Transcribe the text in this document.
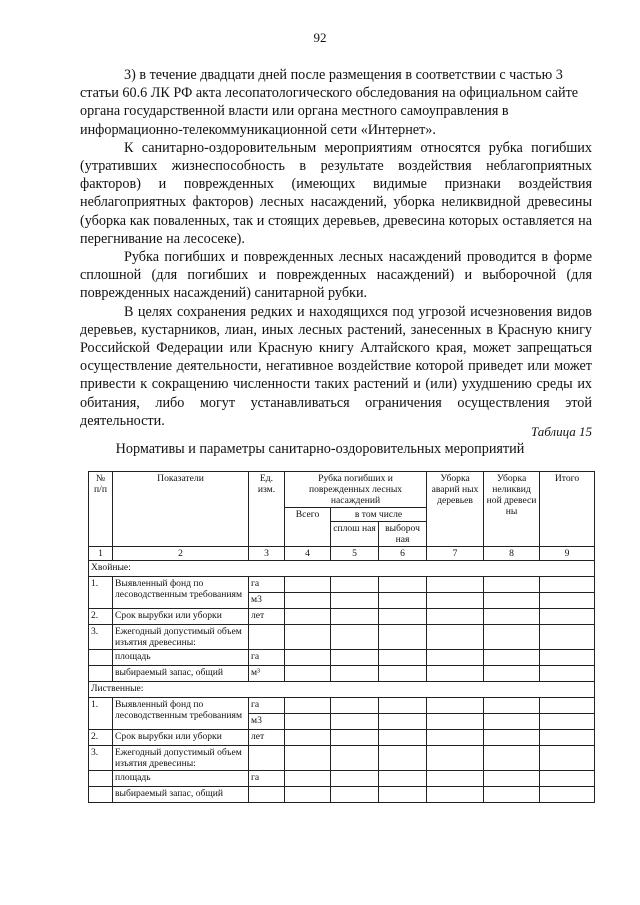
92

3) в течение двадцати дней после размещения в соответствии с частью 3 статьи 60.6 ЛК РФ акта лесопатологического обследования на официальном сайте органа государственной власти или органа местного самоуправления в информационно-телекоммуникационной сети «Интернет».

К санитарно-оздоровительным мероприятиям относятся рубка погибших (утративших жизнеспособность в результате воздействия неблагоприятных факторов) и поврежденных (имеющих видимые признаки воздействия неблагоприятных факторов) лесных насаждений, уборка неликвидной древесины (уборка как поваленных, так и стоящих деревьев, древесина которых оставляется на перегнивание на лесосеке).

Рубка погибших и поврежденных лесных насаждений проводится в форме сплошной (для погибших и поврежденных насаждений) и выборочной (для поврежденных насаждений) санитарной рубки.

В целях сохранения редких и находящихся под угрозой исчезновения видов деревьев, кустарников, лиан, иных лесных растений, занесенных в Красную книгу Российской Федерации или Красную книгу Алтайского края, может запрещаться осуществление деятельности, негативное воздействие которой приведет или может привести к сокращению численности таких растений и (или) ухудшению среды их обитания, либо могут устанавливаться ограничения осуществления этой деятельности.

Таблица 15
Нормативы и параметры санитарно-оздоровительных мероприятий
№ п/п	Показатели	Ед. изм.	Рубка погибших и поврежденных лесных насаждений			Уборка аварий ных деревьев	Уборка неликвид ной древеси ны	Итого
			Всего	в том числе				
				сплош ная	выбороч ная			
1	2	3	4	5	6	7	8	9
Хвойные:								
1.	Выявленный фонд по лесоводственным требованиям	га						
		м3						
2.	Срок вырубки или уборки	лет						
3.	Ежегодный допустимый объем изъятия древесины:							
	площадь	га						
	выбираемый запас, общий	м³						
Лиственные:								
1.	Выявленный фонд по лесоводственным требованиям	га						
		м3						
2.	Срок вырубки или уборки	лет						
3.	Ежегодный допустимый объем изъятия древесины:							
	площадь	га						
	выбираемый запас, общий							
